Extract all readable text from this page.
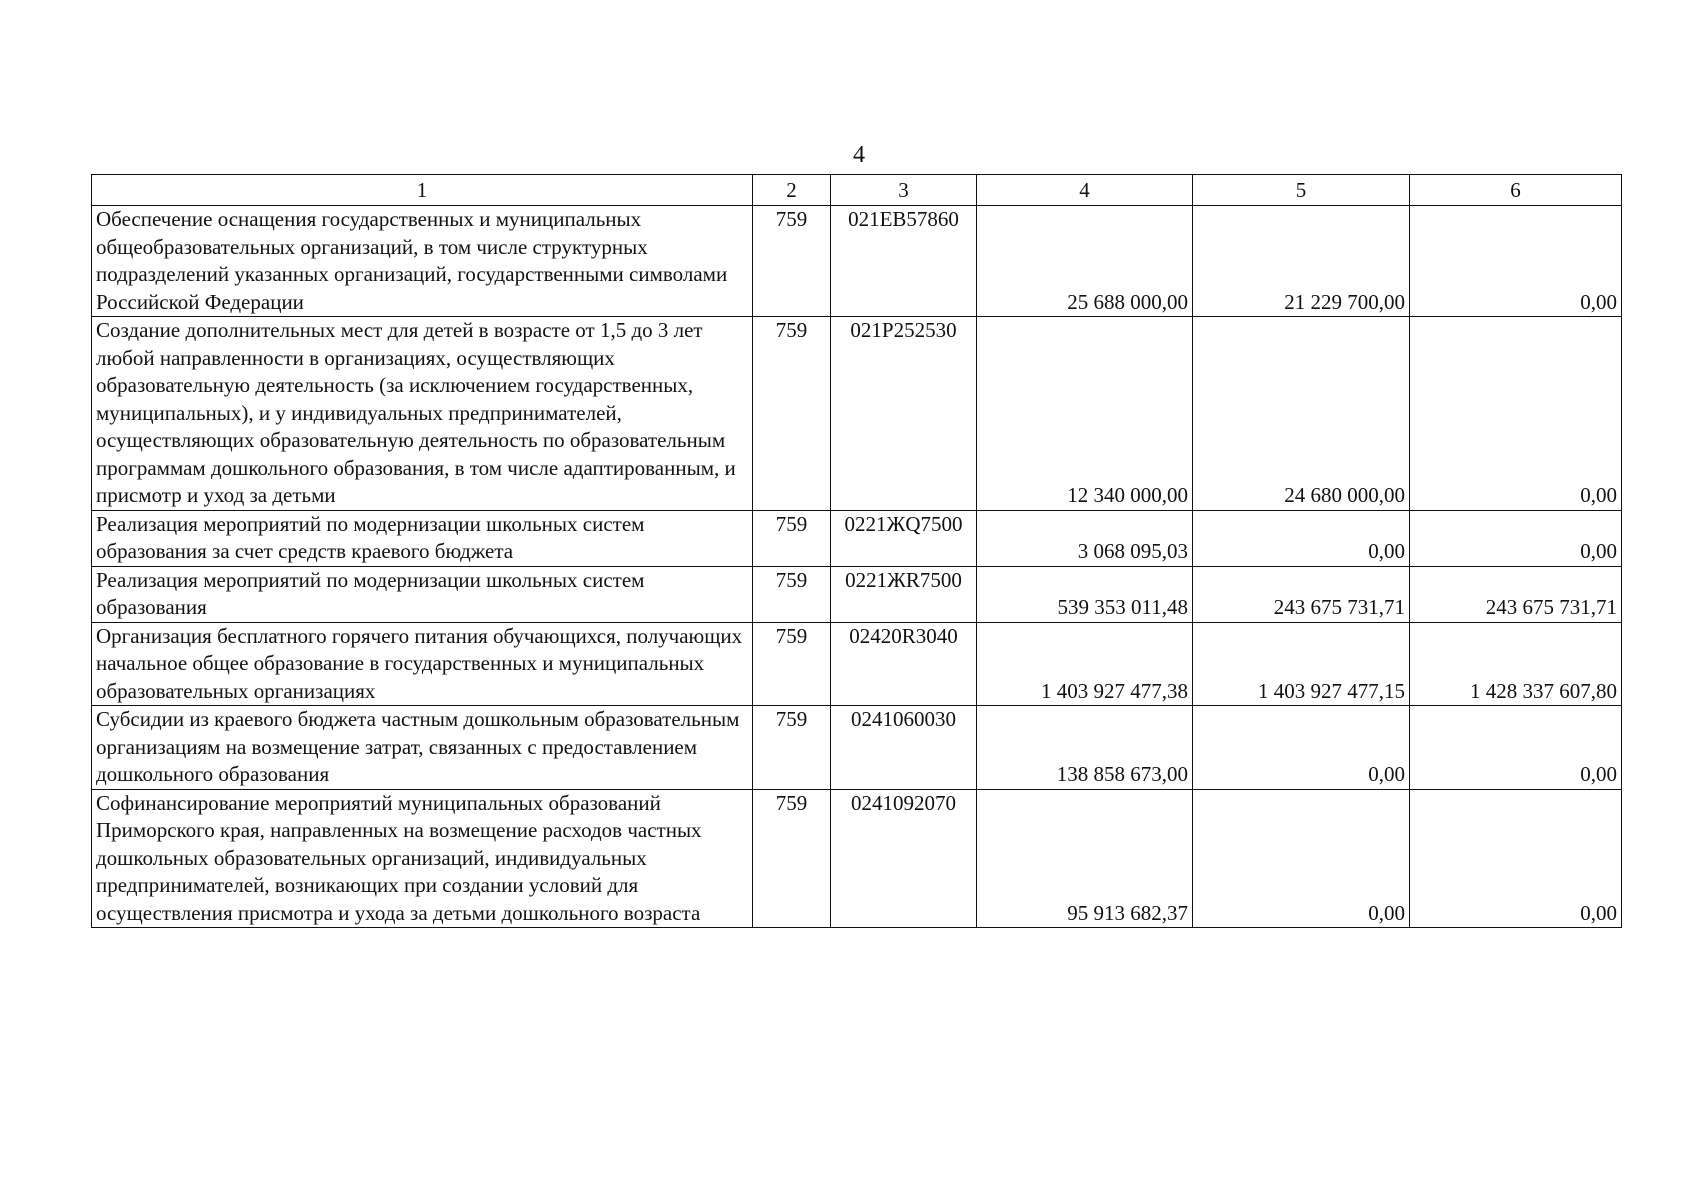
4
1	2	3	4	5	6
Обеспечение оснащения государственных и муниципальных общеобразовательных организаций, в том числе структурных подразделений указанных организаций, государственными символами Российской Федерации	759	021EB57860	25 688 000,00	21 229 700,00	0,00
Создание дополнительных мест для детей в возрасте от 1,5 до 3 лет любой направленности в организациях, осуществляющих образовательную деятельность (за исключением государственных, муниципальных), и у индивидуальных предпринимателей, осуществляющих образовательную деятельность по образовательным программам дошкольного образования, в том числе адаптированным, и присмотр и уход за детьми	759	021P252530	12 340 000,00	24 680 000,00	0,00
Реализация мероприятий по модернизации школьных систем образования за счет средств краевого бюджета	759	0221ЖQ7500	3 068 095,03	0,00	0,00
Реализация мероприятий по модернизации школьных систем образования	759	0221ЖR7500	539 353 011,48	243 675 731,71	243 675 731,71
Организация бесплатного горячего питания обучающихся, получающих начальное общее образование в государственных и муниципальных образовательных организациях	759	02420R3040	1 403 927 477,38	1 403 927 477,15	1 428 337 607,80
Субсидии из краевого бюджета частным дошкольным образовательным организациям на возмещение затрат, связанных с предоставлением дошкольного образования	759	0241060030	138 858 673,00	0,00	0,00
Софинансирование мероприятий муниципальных образований Приморского края, направленных на возмещение расходов частных дошкольных образовательных организаций, индивидуальных предпринимателей, возникающих при создании условий для осуществления присмотра и ухода за детьми дошкольного возраста	759	0241092070	95 913 682,37	0,00	0,00
